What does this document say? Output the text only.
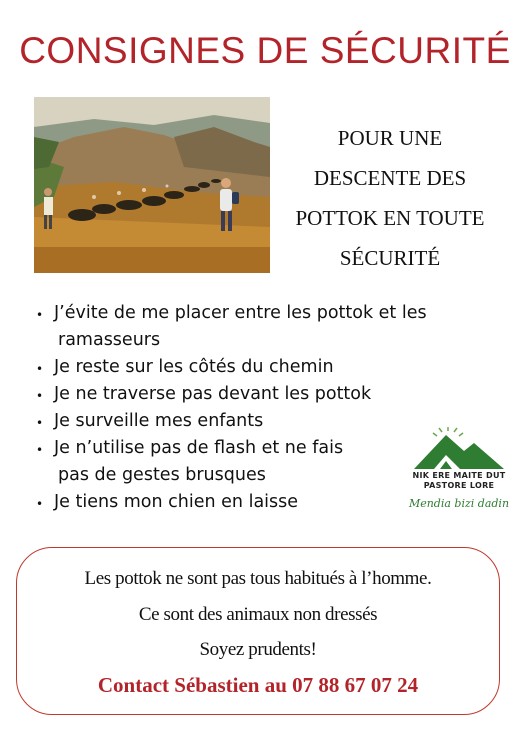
CONSIGNES DE SÉCURITÉ
POUR UNE
DESCENTE DES
POTTOK EN TOUTE
SÉCURITÉ
• J’évite de me placer entre les pottok et les
ramasseurs
• Je reste sur les côtés du chemin
• Je ne traverse pas devant les pottok
• Je surveille mes enfants
• Je n’utilise pas de flash et ne fais
pas de gestes brusques
• Je tiens mon chien en laisse
NIK ERE MAITE DUT
PASTORE LORE
Mendia bizi dadin
Les pottok ne sont pas tous habitués à l’homme.
Ce sont des animaux non dressés
Soyez prudents!
Contact Sébastien au 07 88 67 07 24
